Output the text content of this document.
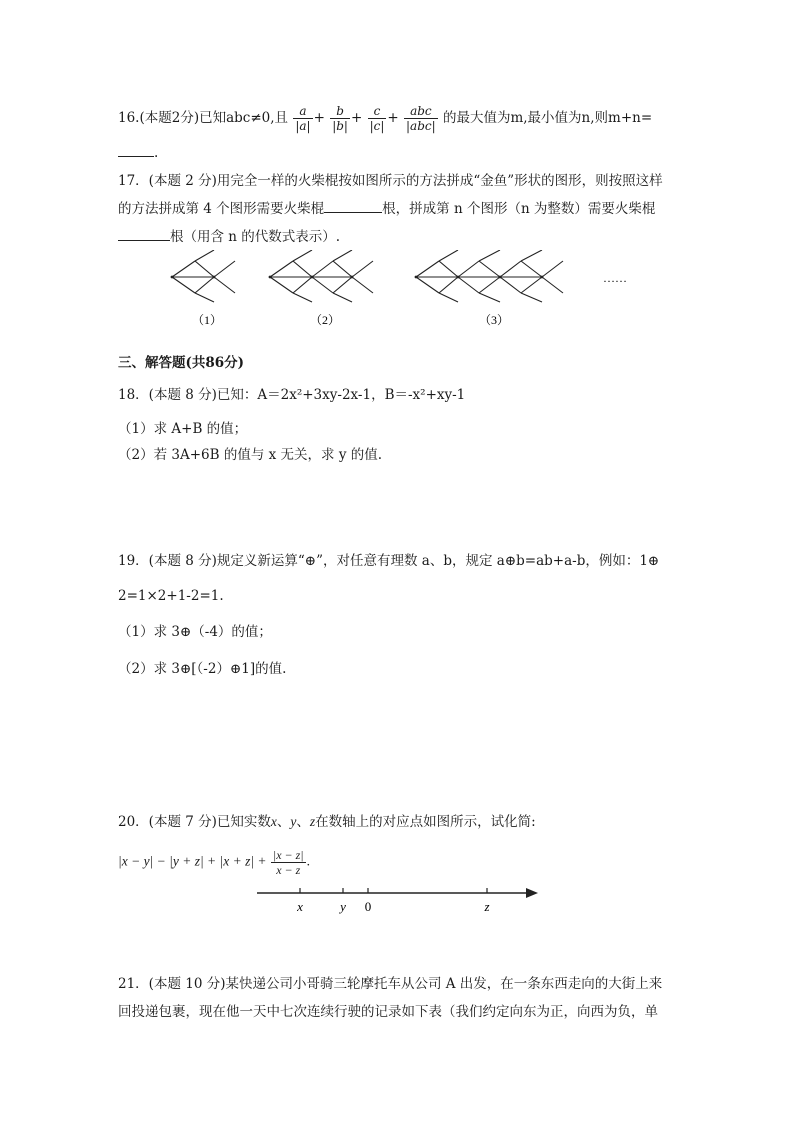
16.(本题2分)已知abc≠0,且 $\frac{a}{|a|} + \frac{b}{|b|} + \frac{c}{|c|} + \frac{\text{abc}}{\text{|abc|}}$ 的最大值为m,最小值为n,则m+n=
.
17．(本题 2 分)用完全一样的火柴棍按如图所示的方法拼成“金鱼”形状的图形，则按照这样
的方法拼成第 4 个图形需要火柴棍	根，拼成第 n 个图形（n 为整数）需要火柴棍
根（用含 n 的代数式表示）.
（1）	（2）	（3）
……
三、解答题(共86分)
18．(本题 8 分)已知：A＝2x²+3xy-2x-1，B＝-x²+xy-1
（1）求 A+B 的值；
（2）若 3A+6B 的值与 x 无关，求 y 的值.
19．(本题 8 分)规定义新运算“⊕”，对任意有理数 a、b，规定 a⊕b=ab+a-b，例如：1⊕
2=1×2+1-2=1.
（1）求 3⊕（-4）的值；
（2）求 3⊕[（-2）⊕1]的值.
20．(本题 7 分)已知实数x、y、z在数轴上的对应点如图所示，试化简:
$|x - y| - |y + z| + |x + z| + \frac{|x - z|}{x - z}$ .
x	y 0	z
21．(本题 10 分)某快递公司小哥骑三轮摩托车从公司 A 出发，在一条东西走向的大街上来
回投递包裹，现在他一天中七次连续行驶的记录如下表（我们约定向东为正，向西为负，单
